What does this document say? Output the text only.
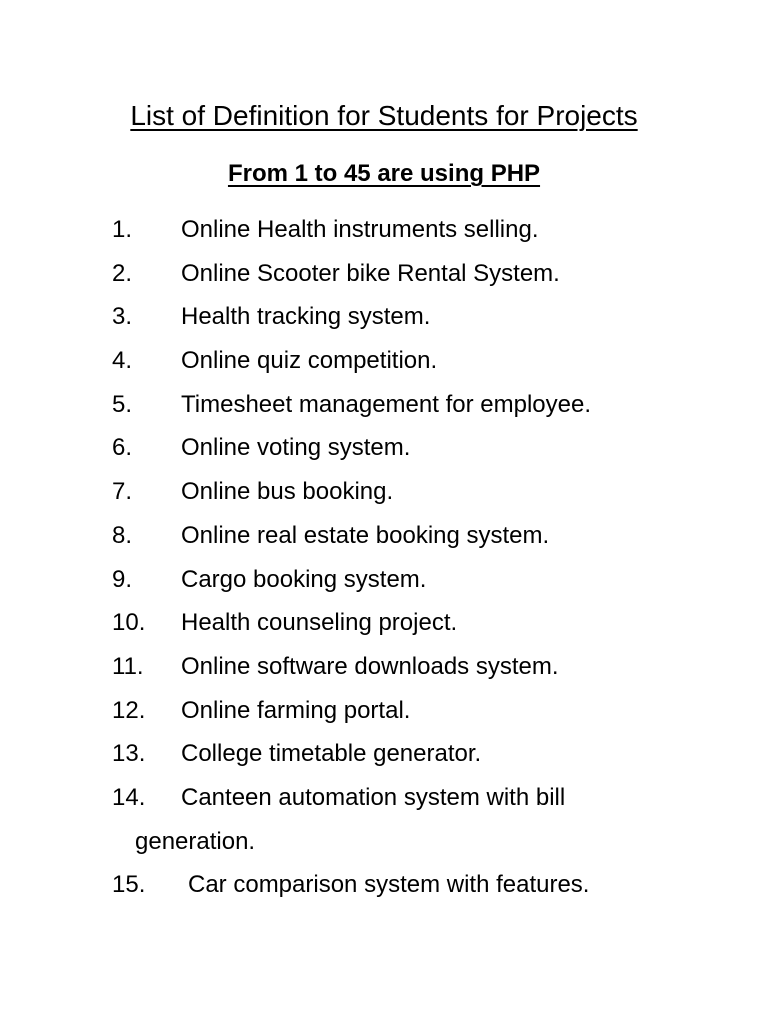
List of Definition for Students for Projects
From 1 to 45 are using PHP
1.	Online Health instruments selling.
2.	Online Scooter bike Rental System.
3.	Health tracking system.
4.	Online quiz competition.
5.	Timesheet management for employee.
6.	Online voting system.
7.	Online bus booking.
8.	Online real estate booking system.
9.	Cargo booking system.
10.	Health counseling project.
11.	Online software downloads system.
12.	Online farming portal.
13.	College timetable generator.
14.	Canteen automation system with bill
generation.
15.	Car comparison system with features.
